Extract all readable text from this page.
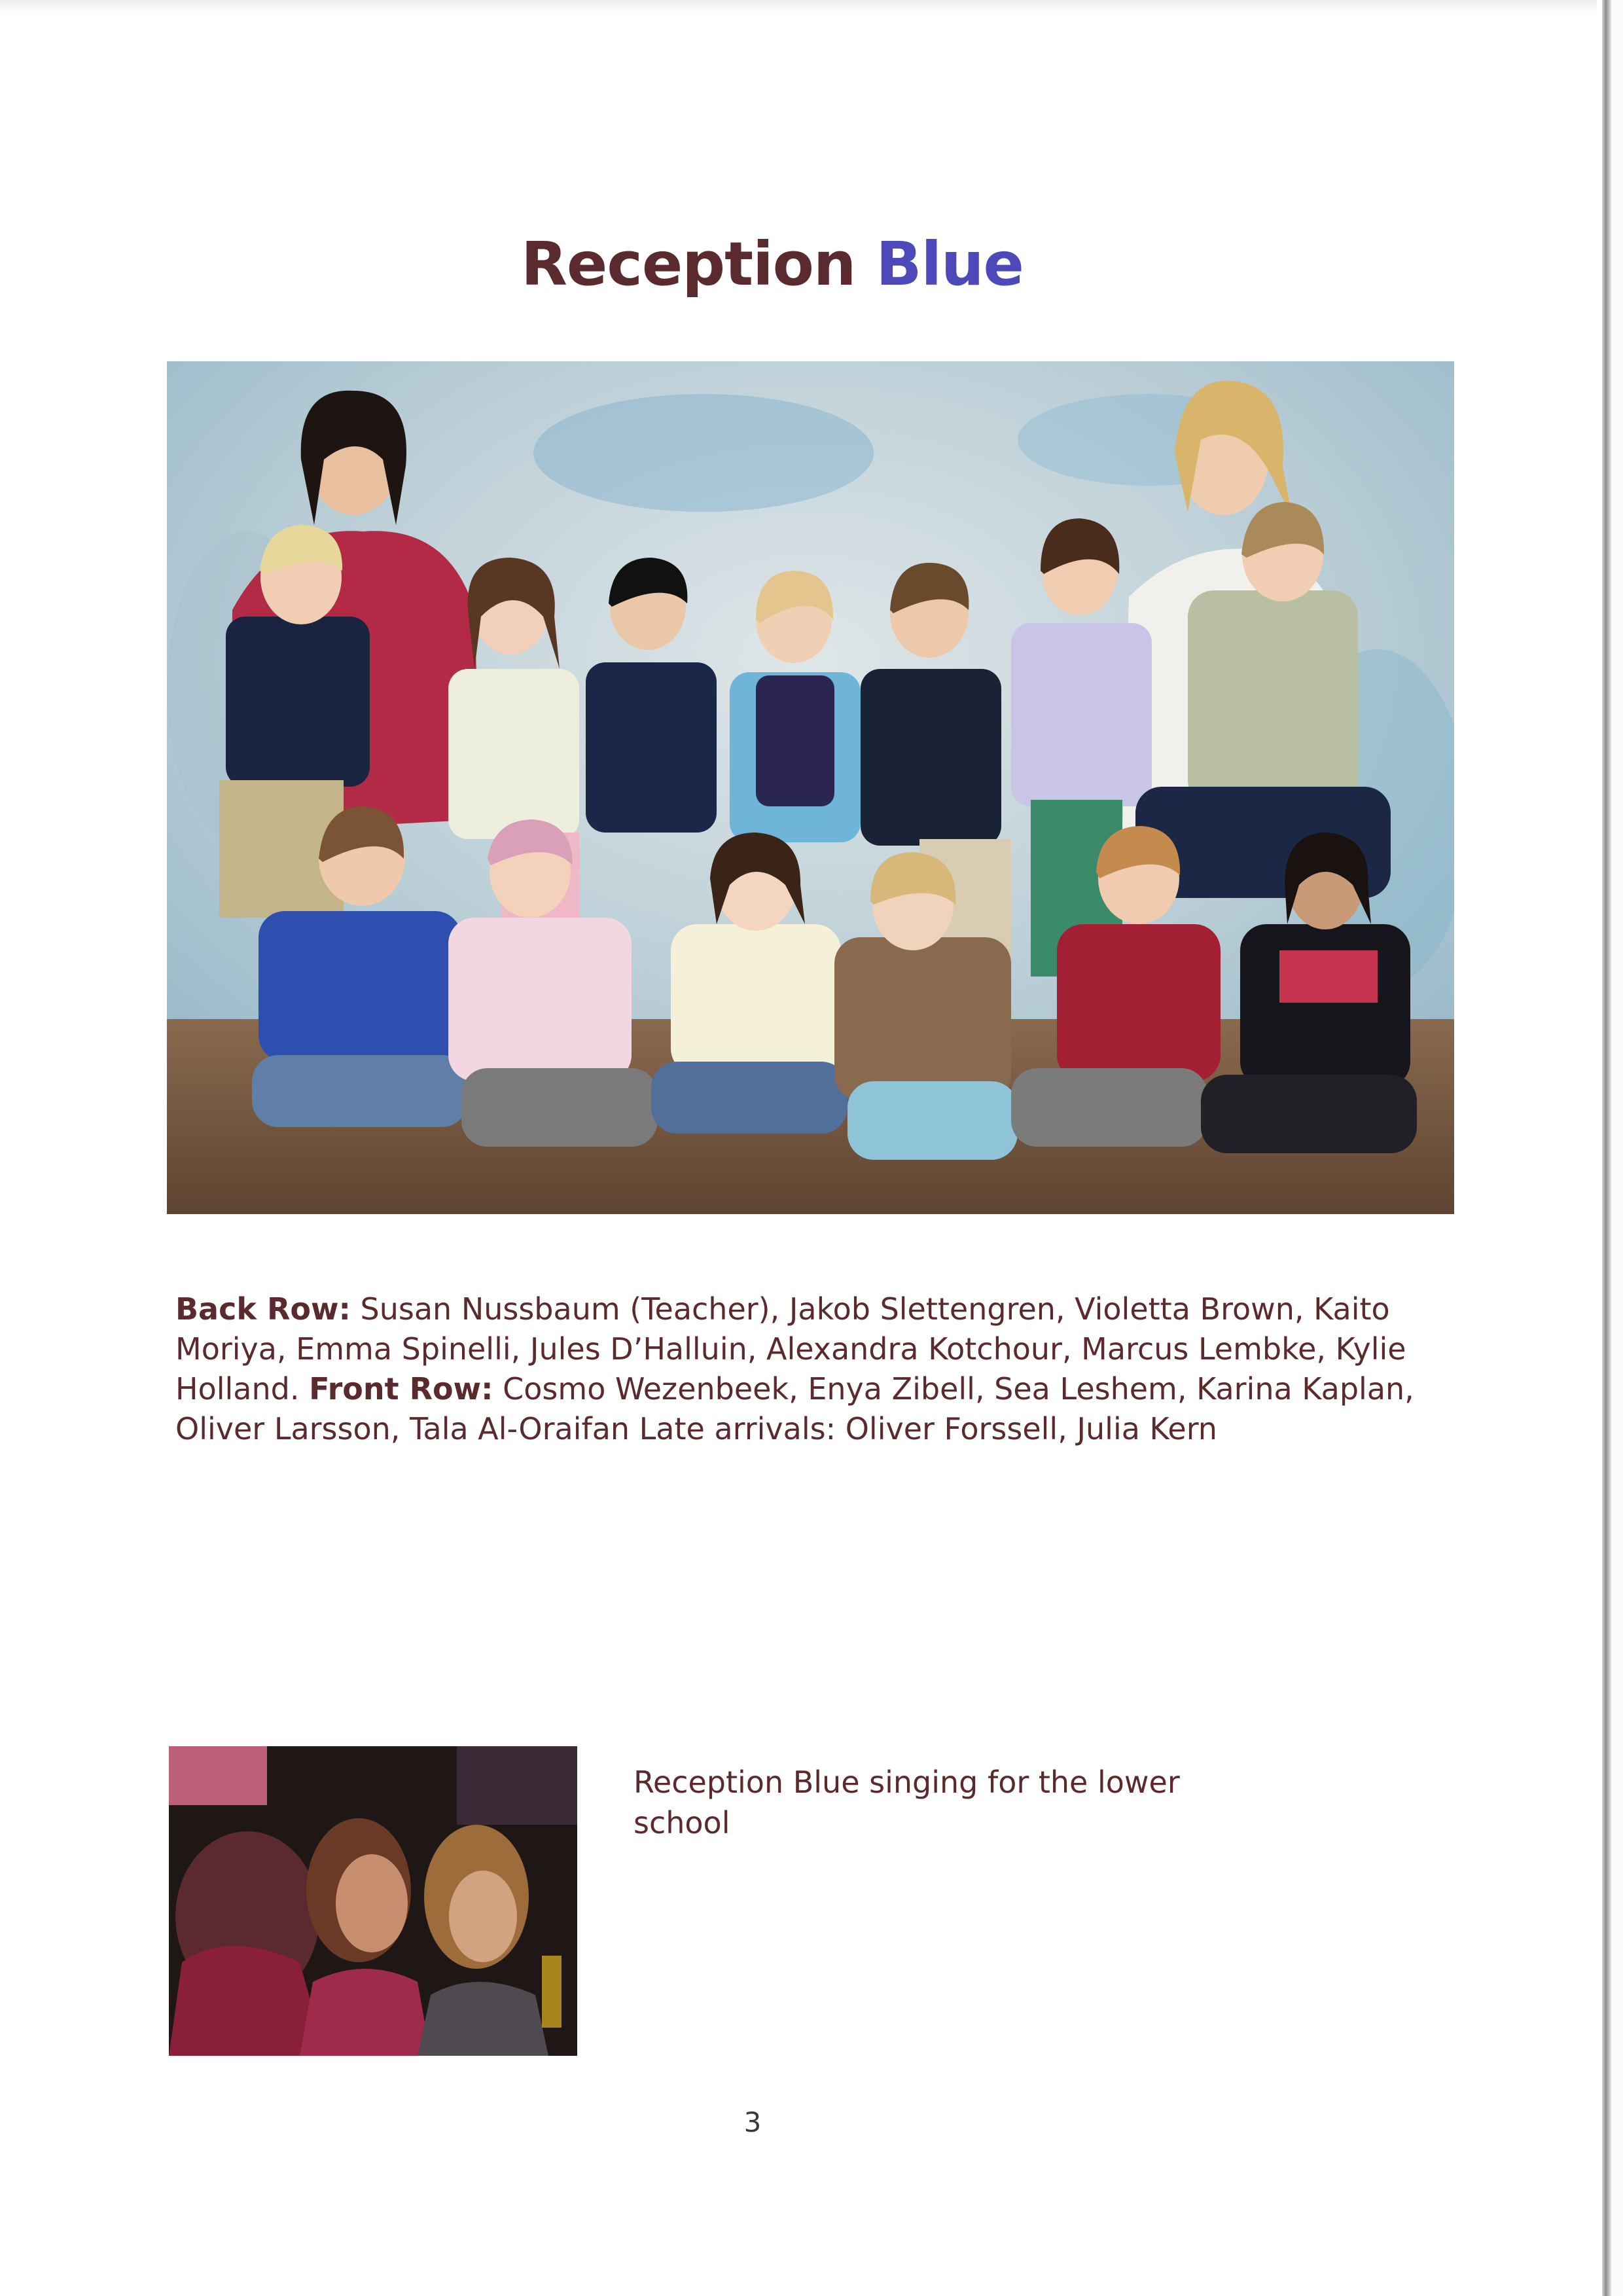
Reception Blue

Back Row: Susan Nussbaum (Teacher), Jakob Slettengren, Violetta Brown, Kaito Moriya, Emma Spinelli, Jules D’Halluin, Alexandra Kotchour, Marcus Lembke, Kylie Holland. Front Row: Cosmo Wezenbeek, Enya Zibell, Sea Leshem, Karina Kaplan, Oliver Larsson, Tala Al-Oraifan Late arrivals: Oliver Forssell, Julia Kern

Reception Blue singing for the lower school

3
